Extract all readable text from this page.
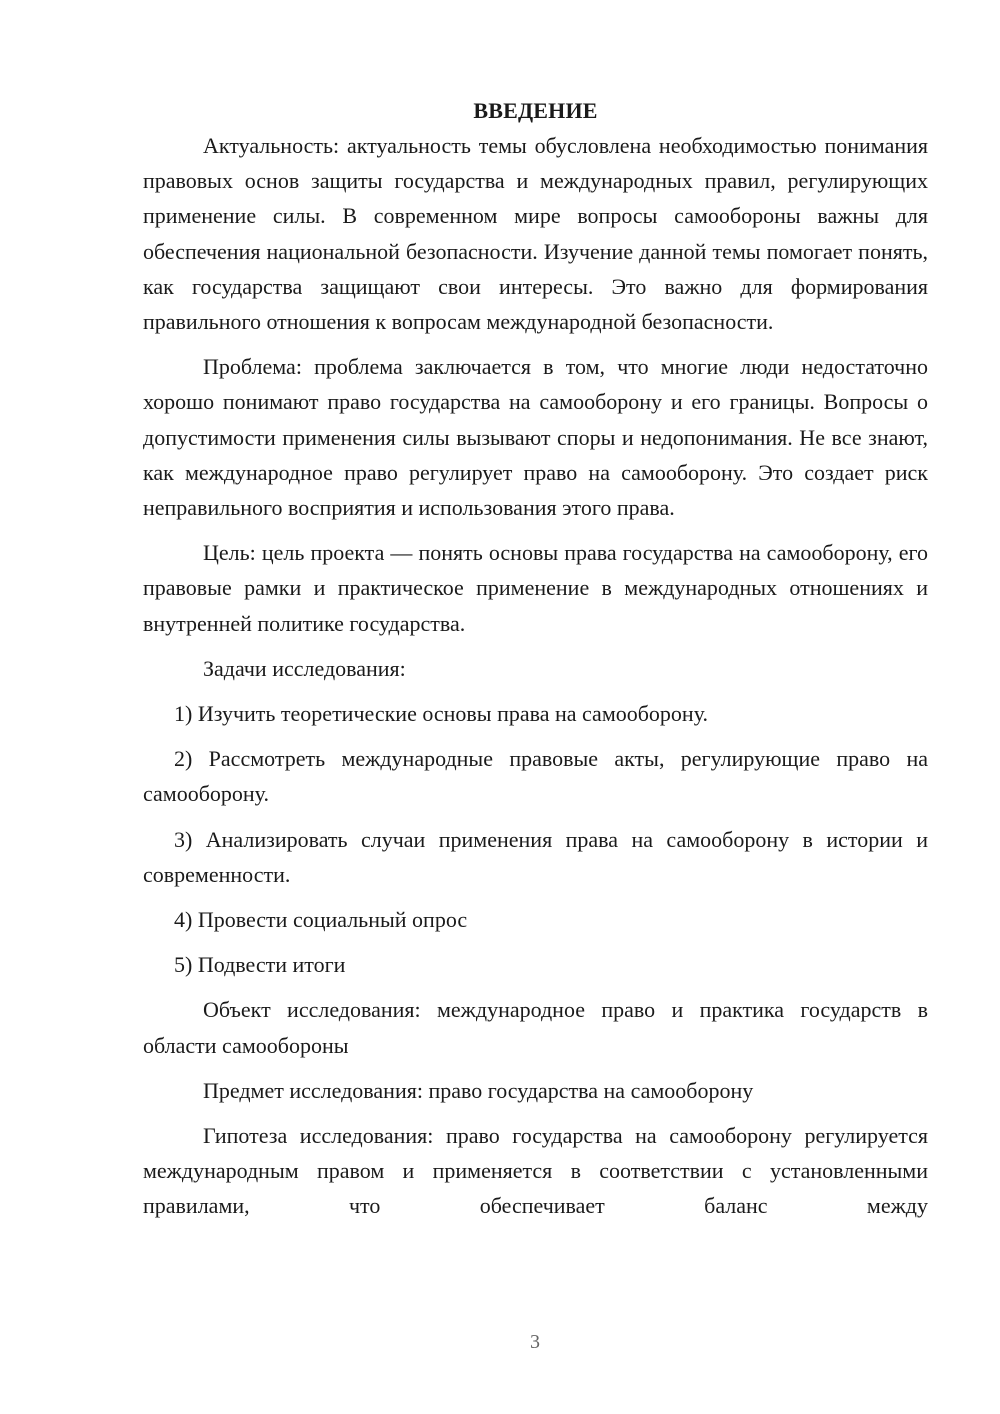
ВВЕДЕНИЕ

Актуальность: актуальность темы обусловлена необходимостью понимания правовых основ защиты государства и международных правил, регулирующих применение силы. В современном мире вопросы самообороны важны для обеспечения национальной безопасности. Изучение данной темы помогает понять, как государства защищают свои интересы. Это важно для формирования правильного отношения к вопросам международной безопасности.

Проблема: проблема заключается в том, что многие люди недостаточно хорошо понимают право государства на самооборону и его границы. Вопросы о допустимости применения силы вызывают споры и недопонимания. Не все знают, как международное право регулирует право на самооборону. Это создает риск неправильного восприятия и использования этого права.

Цель: цель проекта — понять основы права государства на самооборону, его правовые рамки и практическое применение в международных отношениях и внутренней политике государства.

Задачи исследования:

1) Изучить теоретические основы права на самооборону.

2) Рассмотреть международные правовые акты, регулирующие право на самооборону.

3) Анализировать случаи применения права на самооборону в истории и современности.

4) Провести социальный опрос

5) Подвести итоги

Объект исследования: международное право и практика государств в области самообороны

Предмет исследования: право государства на самооборону

Гипотеза исследования: право государства на самооборону регулируется международным правом и применяется в соответствии с установленными правилами, что обеспечивает баланс между

3
